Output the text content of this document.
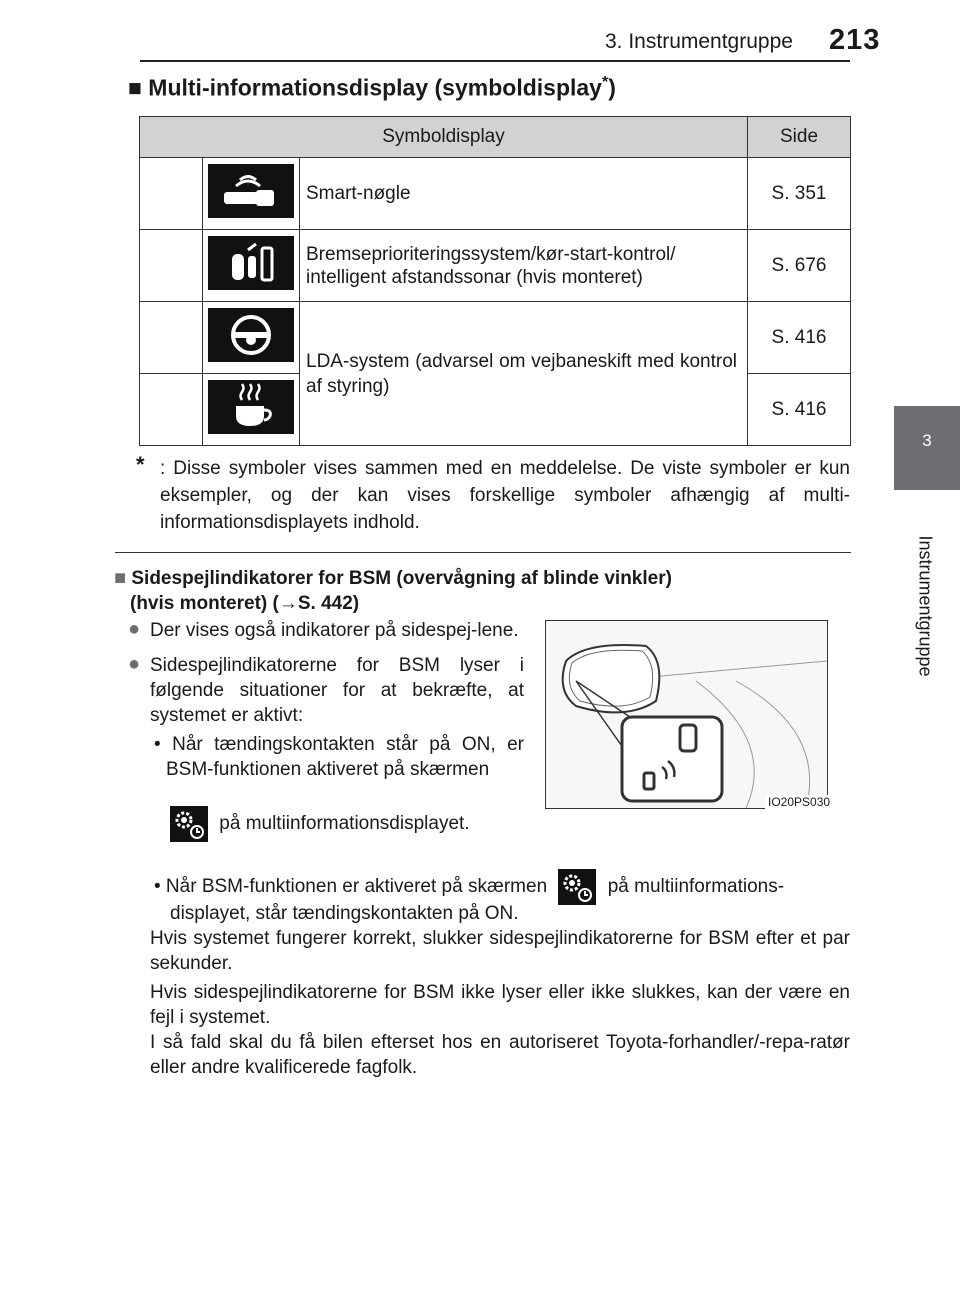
3. Instrumentgruppe 213
3
Instrumentgruppe
■ Multi-informationsdisplay (symboldisplay*)
Symboldisplay			Side

	Smart-nøgle	S. 351

	Bremseprioriteringssystem/kør-start-kontrol/ intelligent afstandssonar (hvis monteret)	S. 676

	LDA-system (advarsel om vejbaneskift med kontrol af styring)	S. 416

	S. 416
* : Disse symboler vises sammen med en meddelelse. De viste symboler er kun eksempler, og der kan vises forskellige symboler afhængig af multi-informationsdisplayets indhold.
■ Sidespejlindikatorer for BSM (overvågning af blinde vinkler)
(hvis monteret) (→S. 442)
● Der vises også indikatorer på sidespej-lene.
● Sidespejlindikatorerne for BSM lyser i følgende situationer for at bekræfte, at systemet er aktivt:
• Når tændingskontakten står på ON, er BSM-funktionen aktiveret på skærmen
på multiinformationsdisplayet.
IO20PS030
• Når BSM-funktionen er aktiveret på skærmen	på multiinformations-
displayet, står tændingskontakten på ON.
Hvis systemet fungerer korrekt, slukker sidespejlindikatorerne for BSM efter et par sekunder.
Hvis sidespejlindikatorerne for BSM ikke lyser eller ikke slukkes, kan der være en fejl i systemet.
I så fald skal du få bilen efterset hos en autoriseret Toyota-forhandler/-repa-ratør eller andre kvalificerede fagfolk.
